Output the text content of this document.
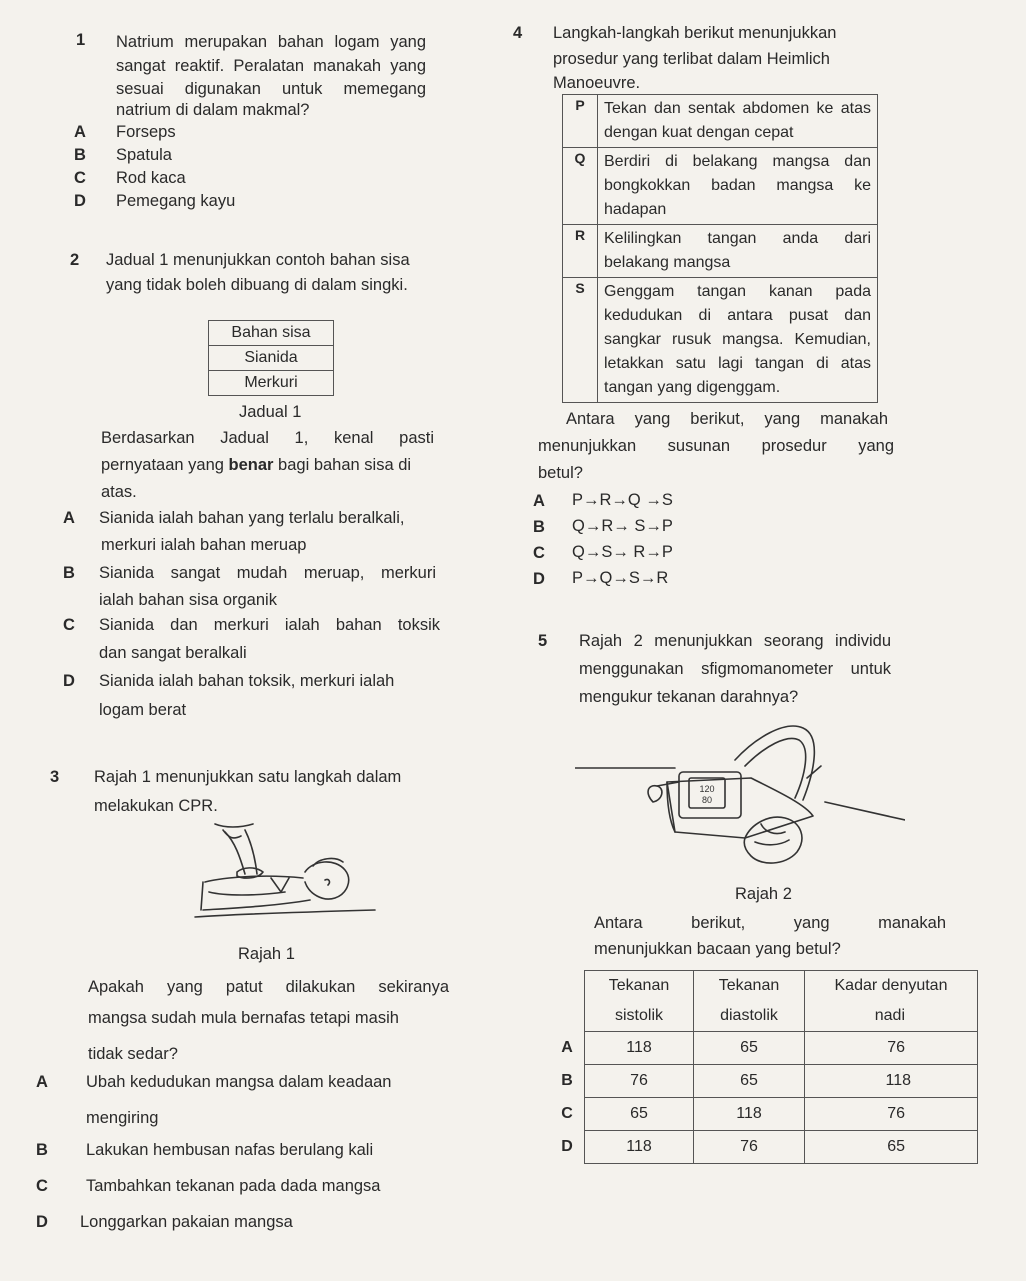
1 Natrium merupakan bahan logam yang
sangat reaktif. Peralatan manakah yang
sesuai digunakan untuk memegang
natrium di dalam makmal?
A Forseps
B Spatula
C Rod kaca
D Pemegang kayu
2 Jadual 1 menunjukkan contoh bahan sisa
yang tidak boleh dibuang di dalam singki.
Bahan sisa
Sianida
Merkuri
Jadual 1
Berdasarkan Jadual 1, kenal pasti
pernyataan yang benar bagi bahan sisa di
atas.
A Sianida ialah bahan yang terlalu beralkali,
merkuri ialah bahan meruap
B Sianida sangat mudah meruap, merkuri
ialah bahan sisa organik
C Sianida dan merkuri ialah bahan toksik
dan sangat beralkali
D Sianida ialah bahan toksik, merkuri ialah
logam berat
3 Rajah 1 menunjukkan satu langkah dalam
melakukan CPR.
Rajah 1
Apakah yang patut dilakukan sekiranya
mangsa sudah mula bernafas tetapi masih
tidak sedar?
A Ubah kedudukan mangsa dalam keadaan
mengiring
B Lakukan hembusan nafas berulang kali
C Tambahkan tekanan pada dada mangsa
D Longgarkan pakaian mangsa
4 Langkah-langkah berikut menunjukkan
prosedur yang terlibat dalam Heimlich
Manoeuvre.
P	Tekan dan sentak abdomen ke atas
dengan kuat dengan cepat

Q	Berdiri di belakang mangsa dan
bongkokkan badan mangsa ke
hadapan

R	Kelilingkan tangan anda dari
belakang mangsa

S	Genggam tangan kanan pada
kedudukan di antara pusat dan
sangkar rusuk mangsa. Kemudian,
letakkan satu lagi tangan di atas
tangan yang digenggam.
Antara yang berikut, yang manakah
menunjukkan susunan prosedur yang
betul?
A P→R→Q →S
B Q→R→ S→P
C Q→S→ R→P
D P→Q→S→R
5 Rajah 2 menunjukkan seorang individu
menggunakan sfigmomanometer untuk
mengukur tekanan darahnya?
120
80
Rajah 2
Antara berikut, yang manakah
menunjukkan bacaan yang betul?
	Tekanan	Tekanan	Kadar denyutan
	sistolik	diastolik	nadi
A	118	65	76
B	76	65	118
C	65	118	76
D	118	76	65
